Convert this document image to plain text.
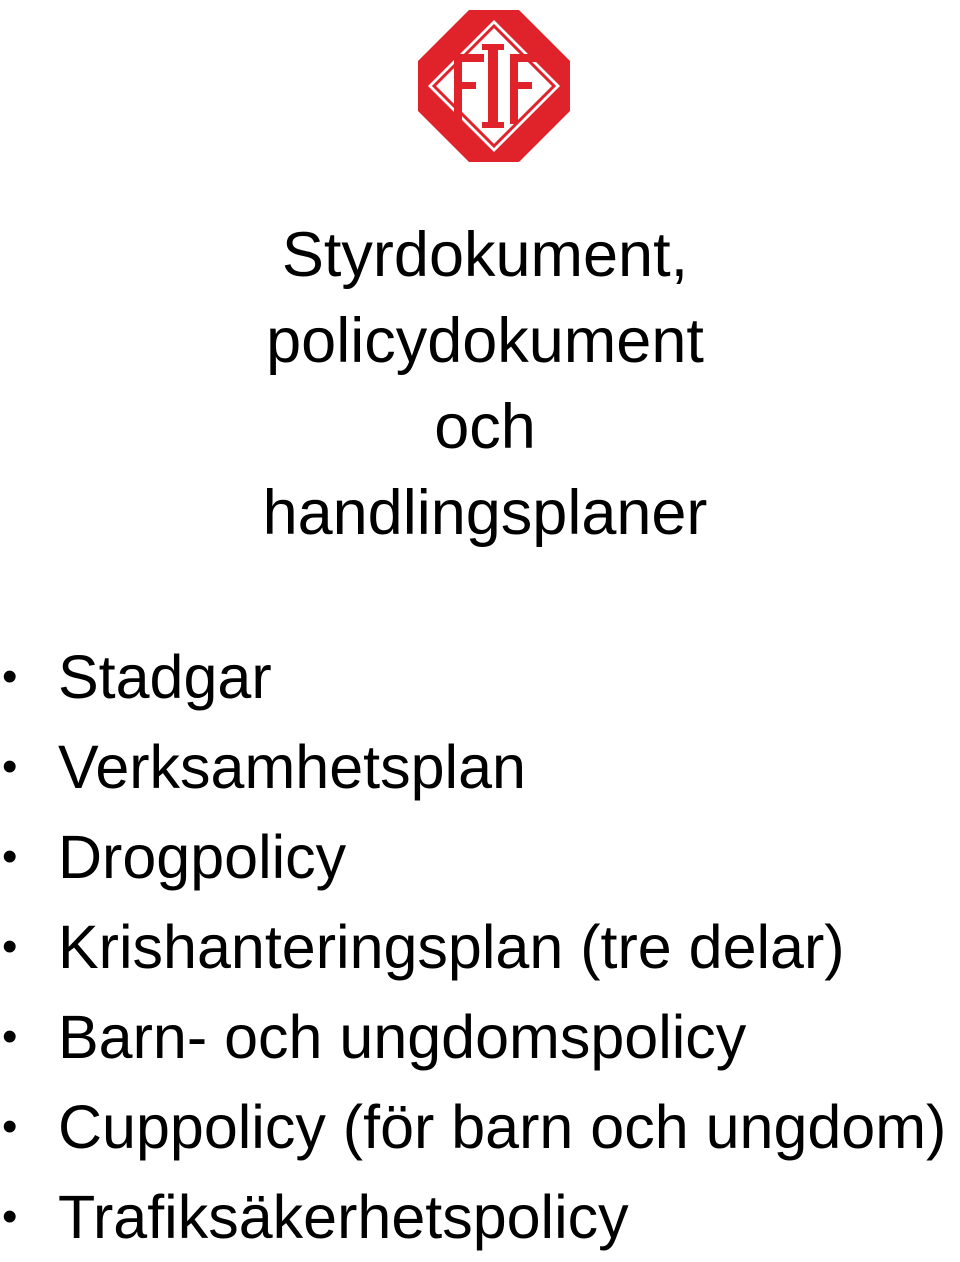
Styrdokument,
policydokument
och
handlingsplaner
• Stadgar
• Verksamhetsplan
• Drogpolicy
• Krishanteringsplan (tre delar)
• Barn- och ungdomspolicy
• Cuppolicy (för barn och ungdom)
• Trafiksäkerhetspolicy
